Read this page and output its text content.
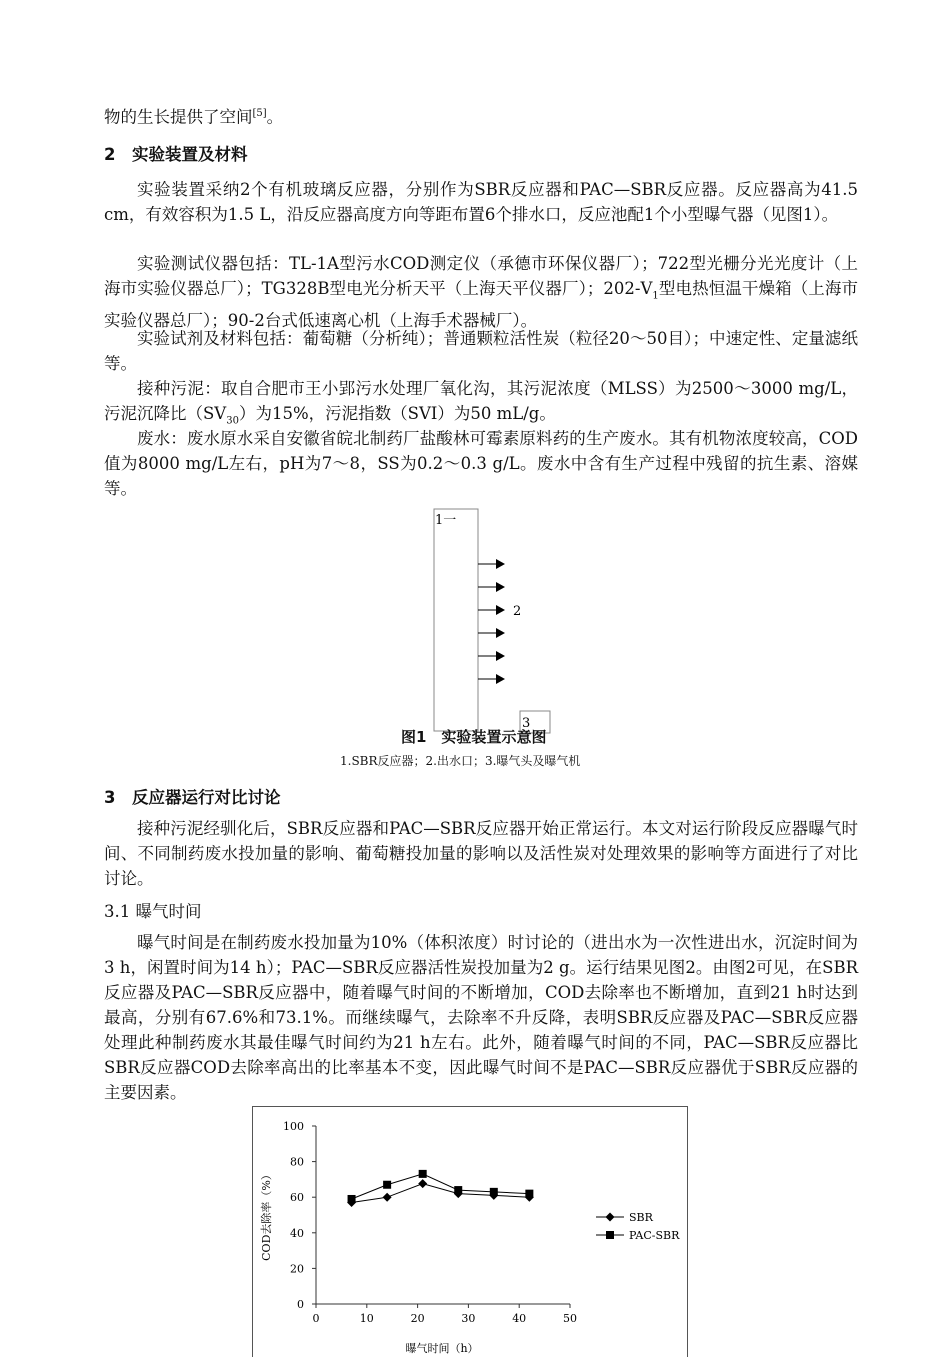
物的生长提供了空间[5]。

2　实验装置及材料

实验装置采纳2个有机玻璃反应器，分别作为SBR反应器和PAC—SBR反应器。反应器高为41.5 cm，有效容积为1.5 L，沿反应器高度方向等距布置6个排水口，反应池配1个小型曝气器（见图1）。

实验测试仪器包括：TL-1A型污水COD测定仪（承德市环保仪器厂）；722型光栅分光光度计（上海市实验仪器总厂）；TG328B型电光分析天平（上海天平仪器厂）；$202-V_1$型电热恒温干燥箱（上海市实验仪器总厂）；90-2台式低速离心机（上海手术器械厂）。

实验试剂及材料包括：葡萄糖（分析纯）；普通颗粒活性炭（粒径20～50目）；中速定性、定量滤纸等。

接种污泥：取自合肥市王小郢污水处理厂氧化沟，其污泥浓度（MLSS）为2500～3000 mg/L，污泥沉降比$(SV_{30})$为15%，污泥指数（SVI）为50 mL/g。

废水：废水原水采自安徽省皖北制药厂盐酸林可霉素原料药的生产废水。其有机物浓度较高，COD值为8000 mg/L左右，pH为7～8，SS为0.2～0.3 g/L。废水中含有生产过程中残留的抗生素、溶媒等。

1一
2
3
图1　实验装置示意图
1.SBR反应器；2.出水口；3.曝气头及曝气机

3　反应器运行对比讨论

接种污泥经驯化后，SBR反应器和PAC—SBR反应器开始正常运行。本文对运行阶段反应器曝气时间、不同制药废水投加量的影响、葡萄糖投加量的影响以及活性炭对处理效果的影响等方面进行了对比讨论。

3.1 曝气时间

曝气时间是在制药废水投加量为10%（体积浓度）时讨论的（进出水为一次性进出水，沉淀时间为3 h，闲置时间为14 h）；PAC—SBR反应器活性炭投加量为2 g。运行结果见图2。由图2可见，在SBR反应器及PAC—SBR反应器中，随着曝气时间的不断增加，COD去除率也不断增加，直到21 h时达到最高，分别有67.6%和73.1%。而继续曝气，去除率不升反降，表明SBR反应器及PAC—SBR反应器处理此种制药废水其最佳曝气时间约为21 h左右。此外，随着曝气时间的不同，PAC—SBR反应器比SBR反应器COD去除率高出的比率基本不变，因此曝气时间不是PAC—SBR反应器优于SBR反应器的主要因素。

COD去除率（%）
曝气时间（h）
0
20
40
60
80
100
0	10	20	30	40	50
SBR
PAC-SBR
